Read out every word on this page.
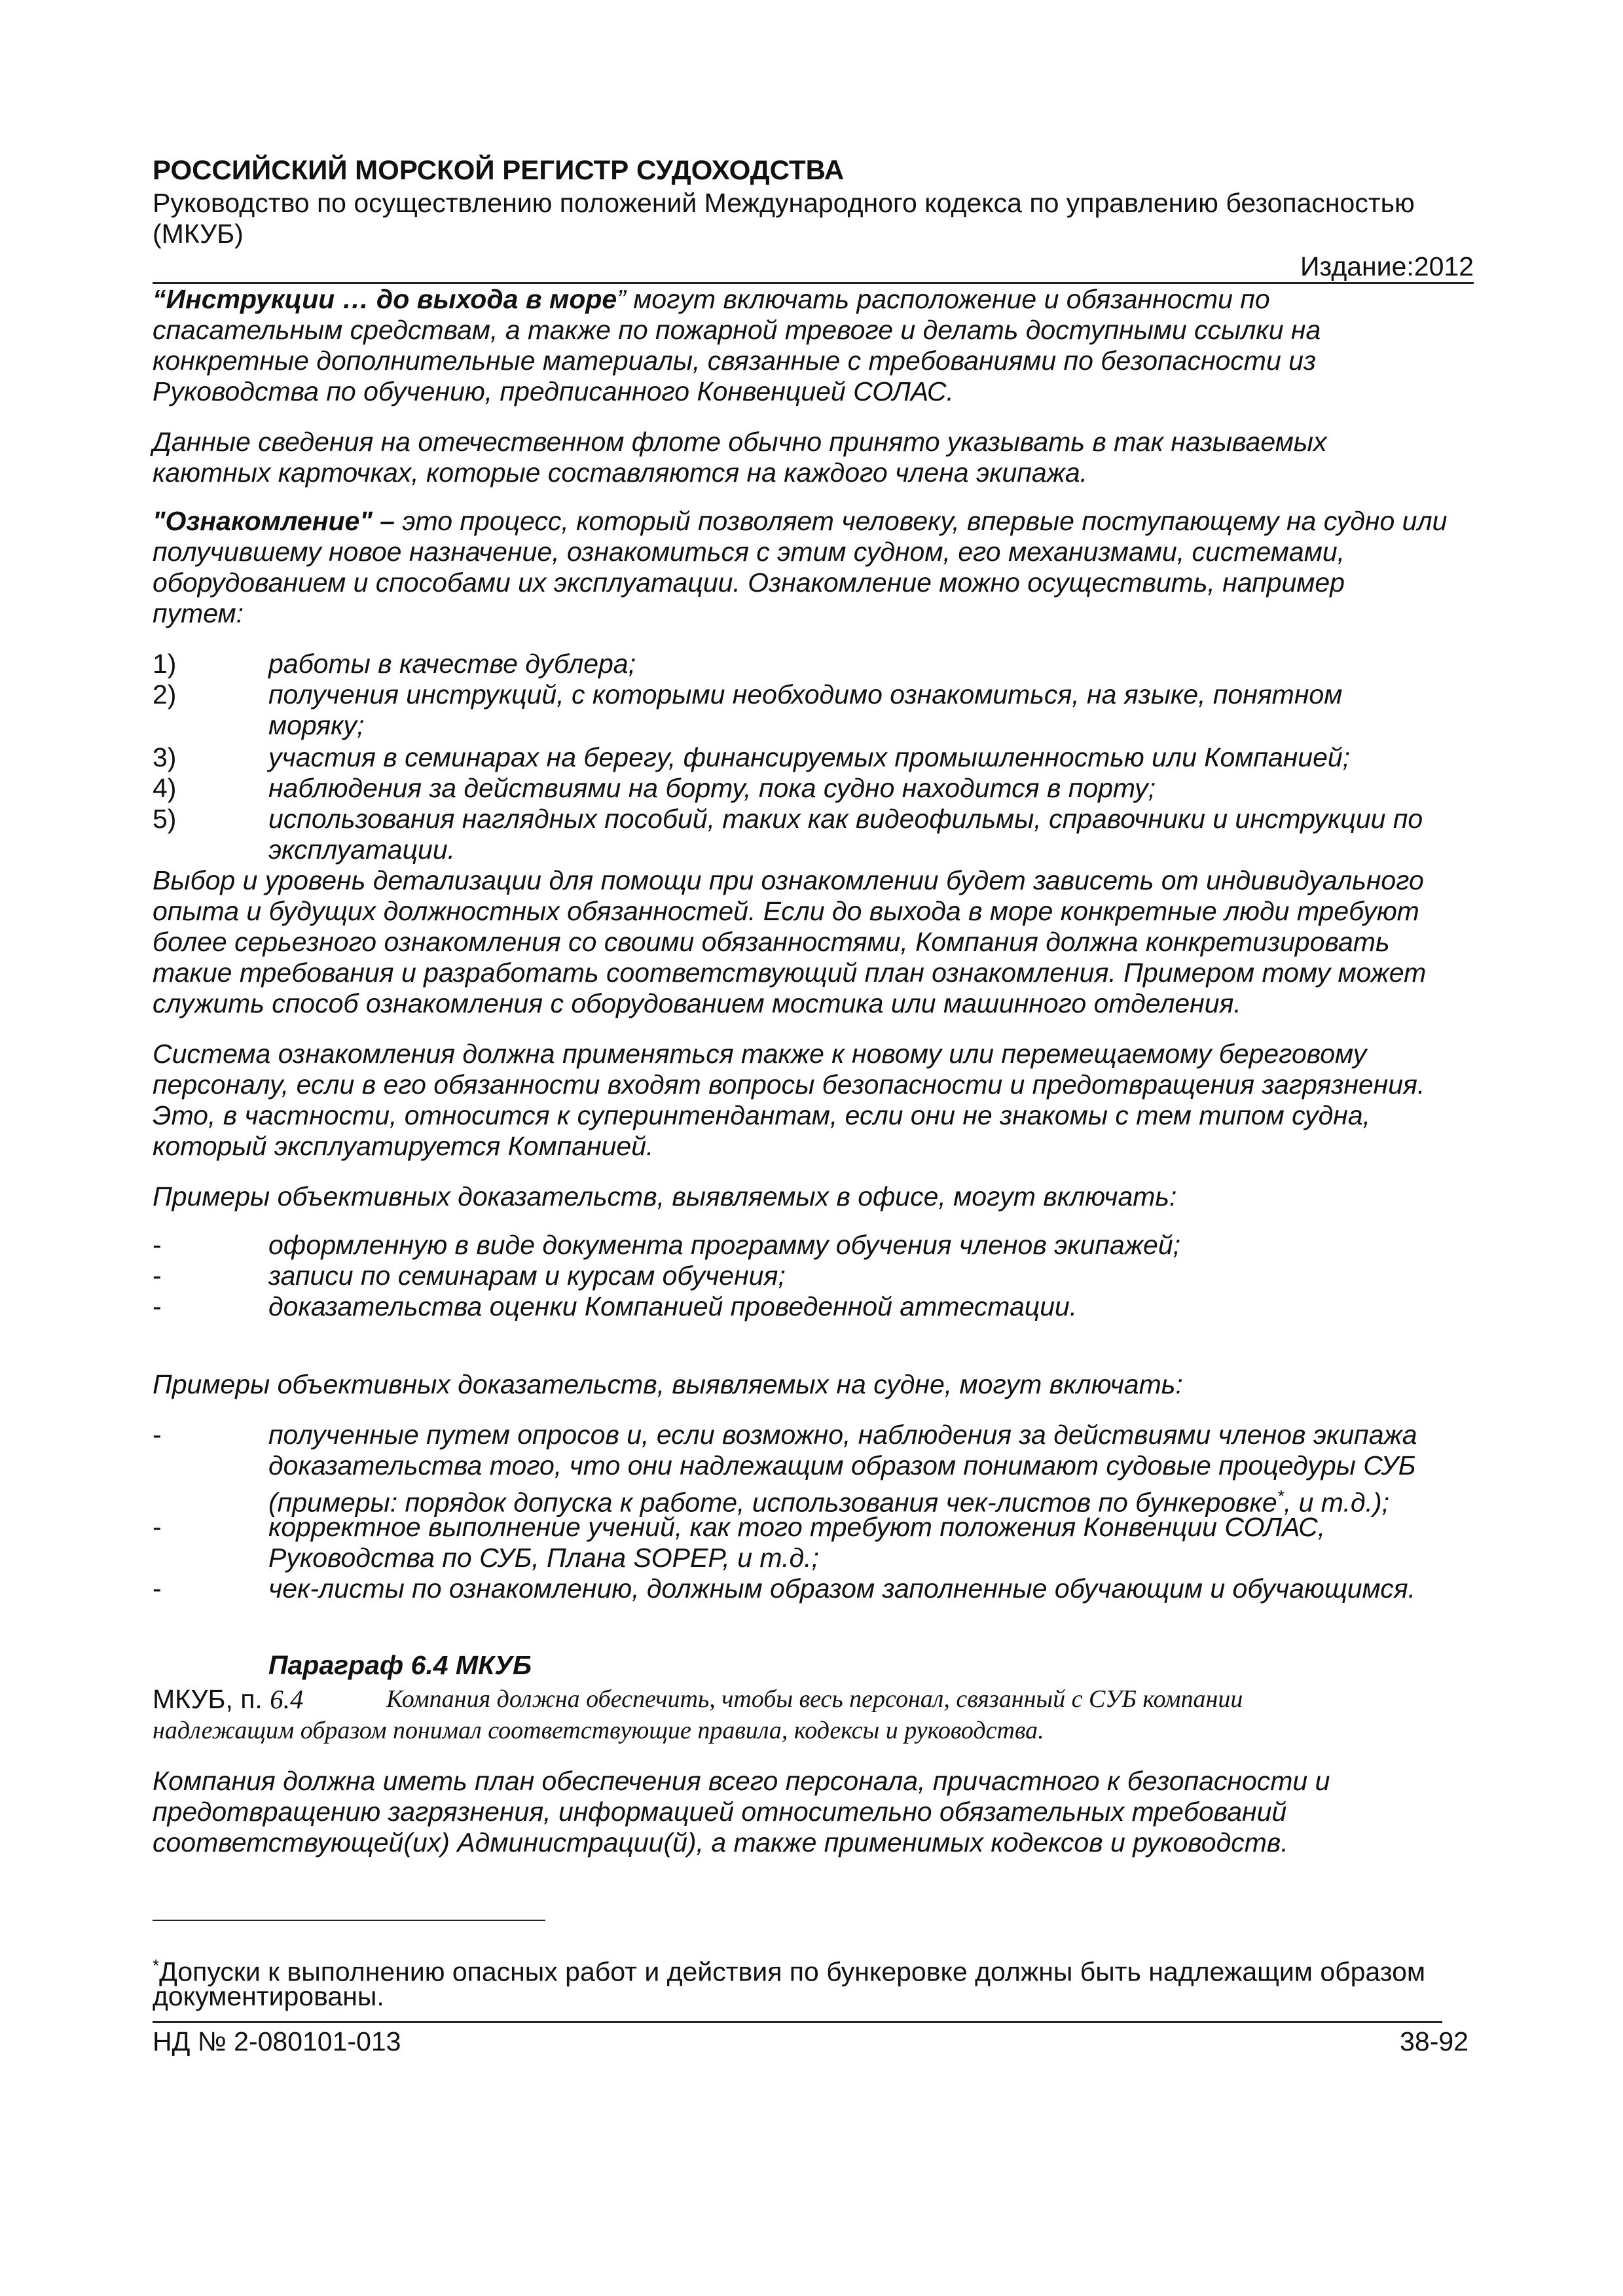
РОССИЙСКИЙ МОРСКОЙ РЕГИСТР СУДОХОДСТВА
Руководство по осуществлению положений Международного кодекса по управлению безопасностью
(МКУБ)
Издание:2012
“Инструкции … до выхода в море” могут включать расположение и обязанности по
спасательным средствам, а также по пожарной тревоге и делать доступными ссылки на
конкретные дополнительные материалы, связанные с требованиями по безопасности из
Руководства по обучению, предписанного Конвенцией СОЛАС.
Данные сведения на отечественном флоте обычно принято указывать в так называемых
каютных карточках, которые составляются на каждого члена экипажа.
"Ознакомление" – это процесс, который позволяет человеку, впервые поступающему на судно или
получившему новое назначение, ознакомиться с этим судном, его механизмами, системами,
оборудованием и способами их эксплуатации. Ознакомление можно осуществить, например
путем:
1)	работы в качестве дублера;
2)	получения инструкций, с которыми необходимо ознакомиться, на языке, понятном
моряку;
3)	участия в семинарах на берегу, финансируемых промышленностью или Компанией;
4)	наблюдения за действиями на борту, пока судно находится в порту;
5)	использования наглядных пособий, таких как видеофильмы, справочники и инструкции по
эксплуатации.
Выбор и уровень детализации для помощи при ознакомлении будет зависеть от индивидуального
опыта и будущих должностных обязанностей. Если до выхода в море конкретные люди требуют
более серьезного ознакомления со своими обязанностями, Компания должна конкретизировать
такие требования и разработать соответствующий план ознакомления. Примером тому может
служить способ ознакомления с оборудованием мостика или машинного отделения.
Система ознакомления должна применяться также к новому или перемещаемому береговому
персоналу, если в его обязанности входят вопросы безопасности и предотвращения загрязнения.
Это, в частности, относится к суперинтендантам, если они не знакомы с тем типом судна,
который эксплуатируется Компанией.
Примеры объективных доказательств, выявляемых в офисе, могут включать:
-	оформленную в виде документа программу обучения членов экипажей;
-	записи по семинарам и курсам обучения;
-	доказательства оценки Компанией проведенной аттестации.
Примеры объективных доказательств, выявляемых на судне, могут включать:
-	полученные путем опросов и, если возможно, наблюдения за действиями членов экипажа
доказательства того, что они надлежащим образом понимают судовые процедуры СУБ
(примеры: порядок допуска к работе, использования чек-листов по бункеровке*, и т.д.);
-	корректное выполнение учений, как того требуют положения Конвенции СОЛАС,
Руководства по СУБ, Плана SOPEP, и т.д.;
-	чек-листы по ознакомлению, должным образом заполненные обучающим и обучающимся.
Параграф 6.4 МКУБ
МКУБ, п. 6.4	Компания должна обеспечить, чтобы весь персонал, связанный с СУБ компании
надлежащим образом понимал соответствующие правила, кодексы и руководства.
Компания должна иметь план обеспечения всего персонала, причастного к безопасности и
предотвращению загрязнения, информацией относительно обязательных требований
соответствующей(их) Администрации(й), а также применимых кодексов и руководств.
*Допуски к выполнению опасных работ и действия по бункеровке должны быть надлежащим образом
документированы.
НД № 2-080101-013	38-92
